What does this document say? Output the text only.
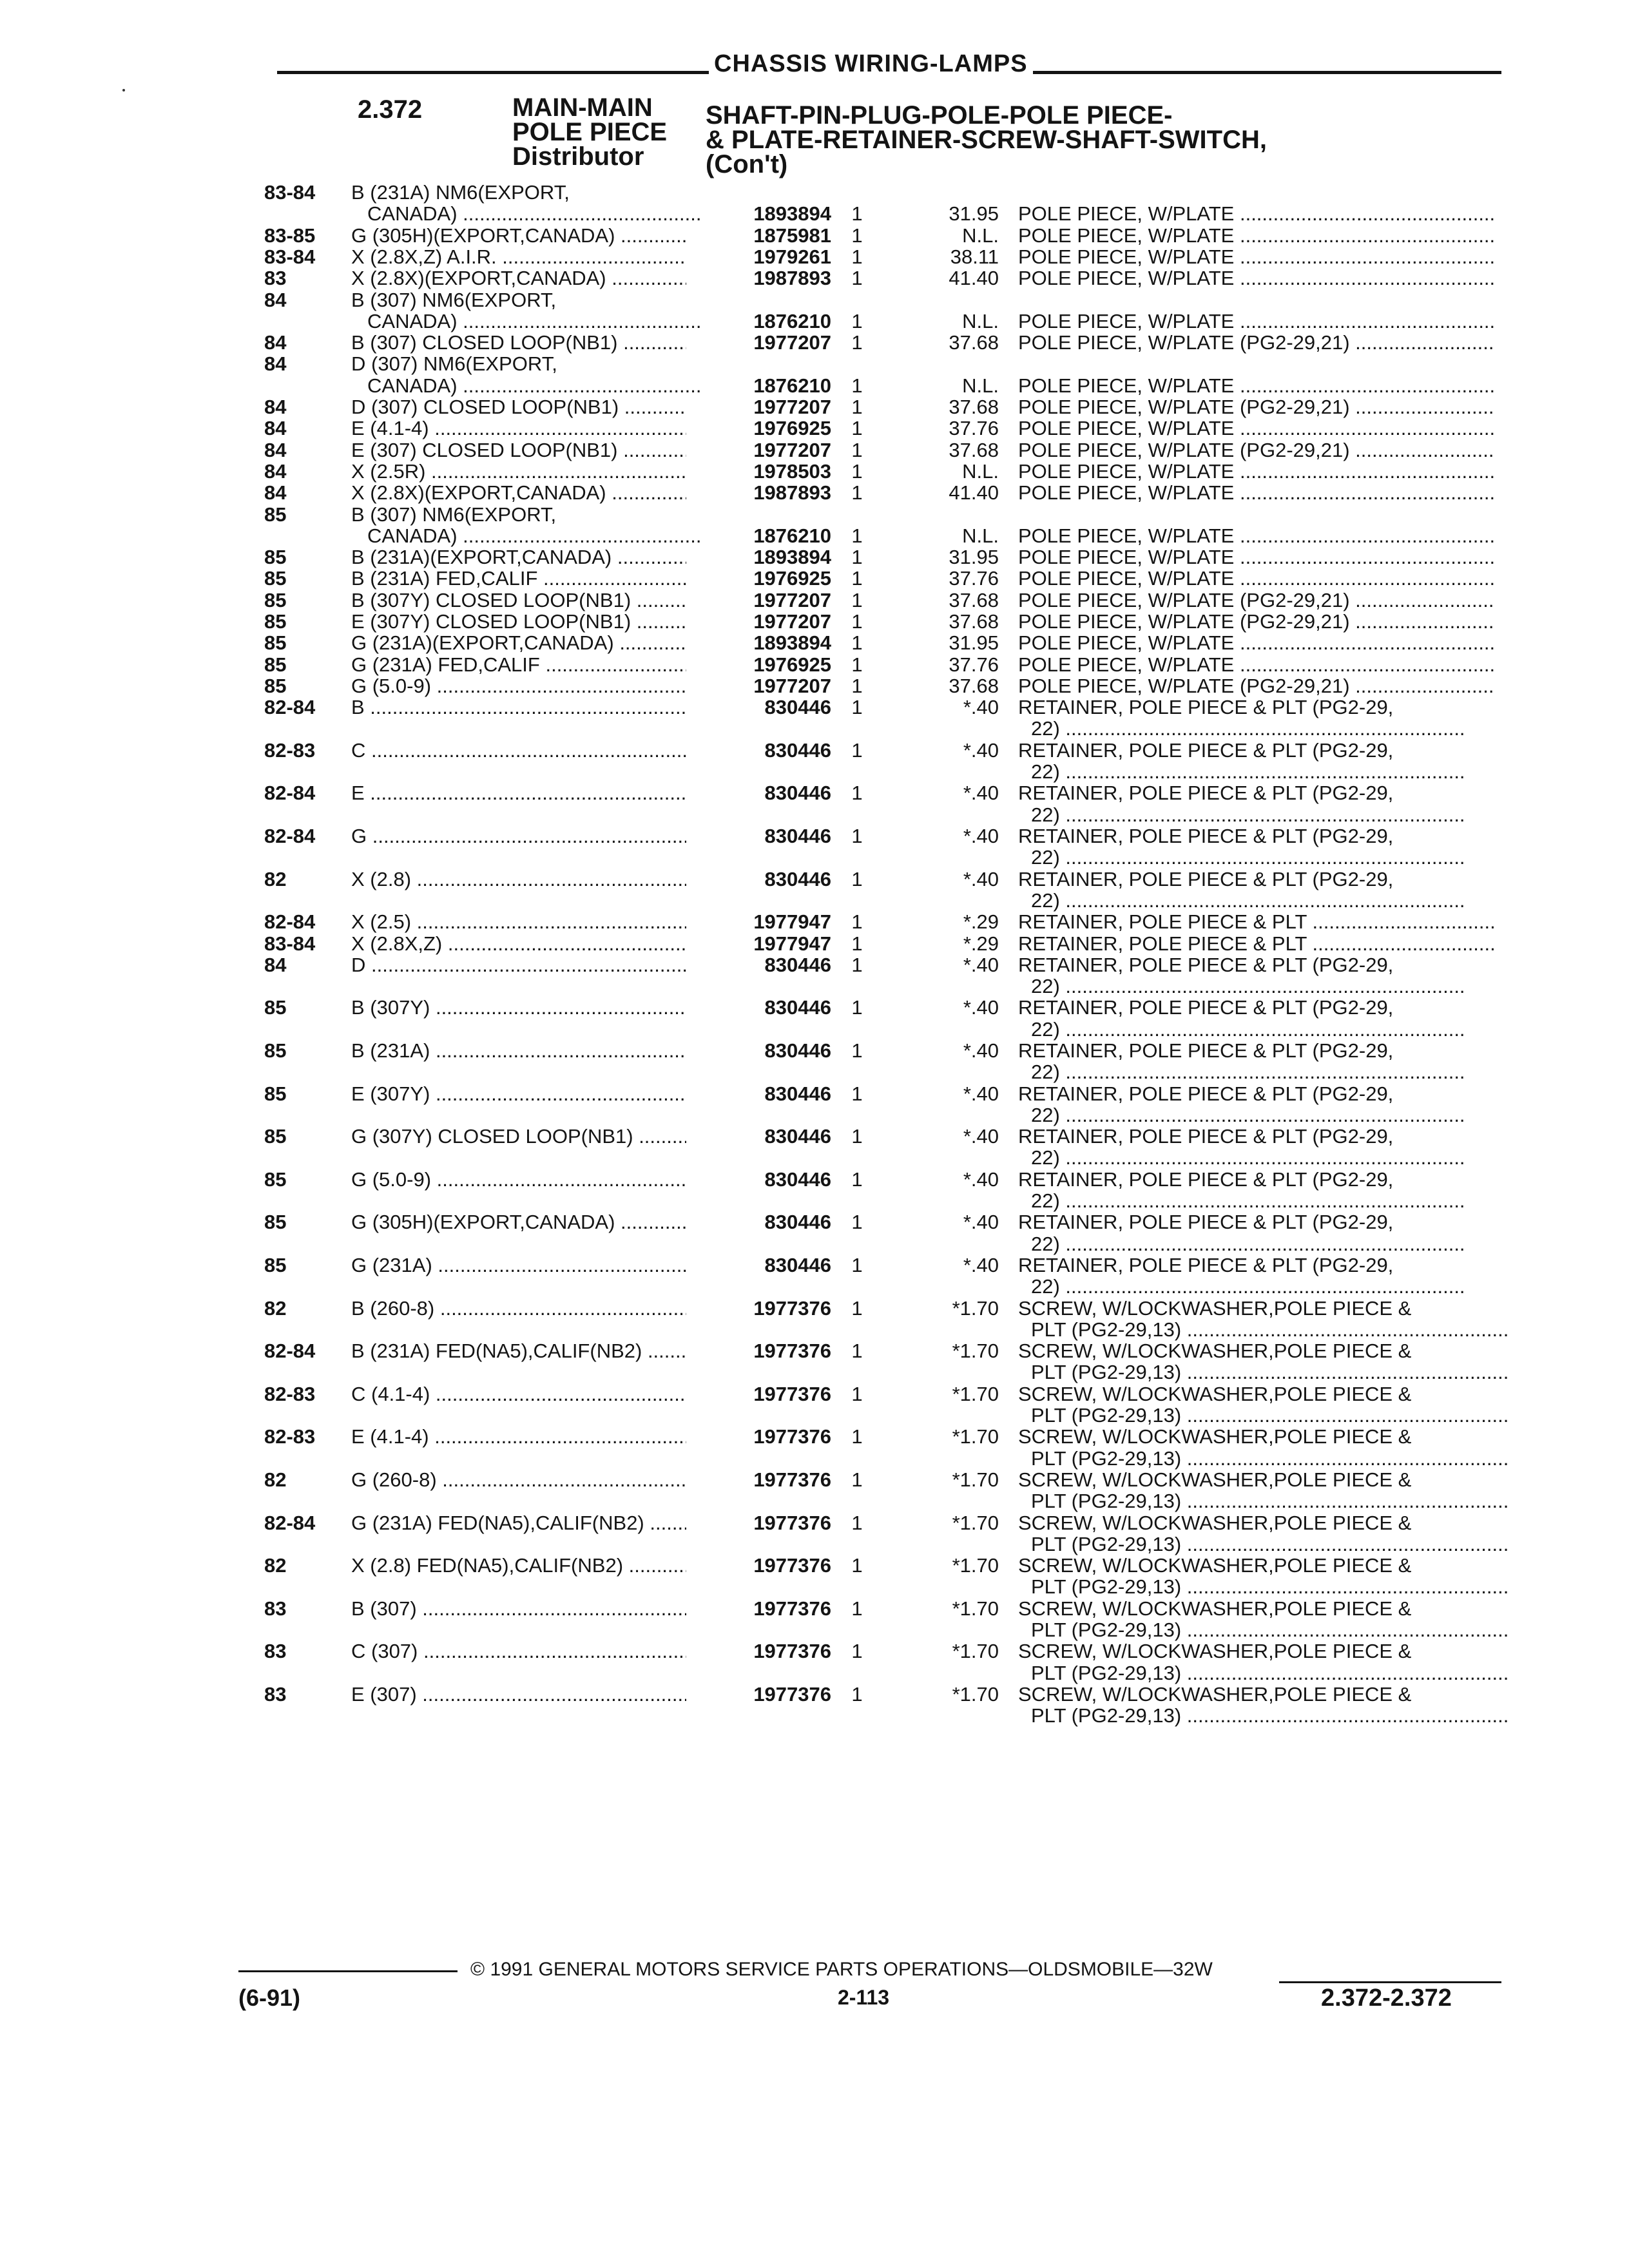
CHASSIS WIRING-LAMPS
2.372	MAIN-MAIN
POLE PIECE
Distributor
SHAFT-PIN-PLUG-POLE-POLE PIECE-
& PLATE-RETAINER-SCREW-SHAFT-SWITCH,
(Con't)
83-84	B (231A) NM6(EXPORT,
CANADA) .....	1893894	1	31.95 POLE PIECE, W/PLATE .....
83-85	G (305H)(EXPORT,CANADA) .....	1875981	1	N.L. POLE PIECE, W/PLATE .....
83-84	X (2.8X,Z) A.I.R. .....	1979261	1	38.11 POLE PIECE, W/PLATE .....
83	X (2.8X)(EXPORT,CANADA) .....	1987893	1	41.40 POLE PIECE, W/PLATE .....
84	B (307) NM6(EXPORT,
CANADA) .....	1876210	1	N.L. POLE PIECE, W/PLATE .....
84	B (307) CLOSED LOOP(NB1) .....	1977207	1	37.68 POLE PIECE, W/PLATE (PG2-29,21) .....
84	D (307) NM6(EXPORT,
CANADA) .....	1876210	1	N.L. POLE PIECE, W/PLATE .....
84	D (307) CLOSED LOOP(NB1) .....	1977207	1	37.68 POLE PIECE, W/PLATE (PG2-29,21) .....
84	E (4.1-4) .....	1976925	1	37.76 POLE PIECE, W/PLATE .....
84	E (307) CLOSED LOOP(NB1) .....	1977207	1	37.68 POLE PIECE, W/PLATE (PG2-29,21) .....
84	X (2.5R) .....	1978503	1	N.L. POLE PIECE, W/PLATE .....
84	X (2.8X)(EXPORT,CANADA) .....	1987893	1	41.40 POLE PIECE, W/PLATE .....
85	B (307) NM6(EXPORT,
CANADA) .....	1876210	1	N.L. POLE PIECE, W/PLATE .....
85	B (231A)(EXPORT,CANADA) .....	1893894	1	31.95 POLE PIECE, W/PLATE .....
85	B (231A) FED,CALIF .....	1976925	1	37.76 POLE PIECE, W/PLATE .....
85	B (307Y) CLOSED LOOP(NB1) .....	1977207	1	37.68 POLE PIECE, W/PLATE (PG2-29,21) .....
85	E (307Y) CLOSED LOOP(NB1) .....	1977207	1	37.68 POLE PIECE, W/PLATE (PG2-29,21) .....
85	G (231A)(EXPORT,CANADA) .....	1893894	1	31.95 POLE PIECE, W/PLATE .....
85	G (231A) FED,CALIF .....	1976925	1	37.76 POLE PIECE, W/PLATE .....
85	G (5.0-9) .....	1977207	1	37.68 POLE PIECE, W/PLATE (PG2-29,21) .....
82-84	B .....	830446	1	*.40 RETAINER, POLE PIECE & PLT (PG2-29,
22) .....
82-83	C .....	830446	1	*.40 RETAINER, POLE PIECE & PLT (PG2-29,
22) .....
82-84	E .....	830446	1	*.40 RETAINER, POLE PIECE & PLT (PG2-29,
22) .....
82-84	G .....	830446	1	*.40 RETAINER, POLE PIECE & PLT (PG2-29,
22) .....
82	X (2.8) .....	830446	1	*.40 RETAINER, POLE PIECE & PLT (PG2-29,
22) .....
82-84	X (2.5) .....	1977947	1	*.29 RETAINER, POLE PIECE & PLT .....
83-84	X (2.8X,Z) .....	1977947	1	*.29 RETAINER, POLE PIECE & PLT .....
84	D .....	830446	1	*.40 RETAINER, POLE PIECE & PLT (PG2-29,
22) .....
85	B (307Y) .....	830446	1	*.40 RETAINER, POLE PIECE & PLT (PG2-29,
22) .....
85	B (231A) .....	830446	1	*.40 RETAINER, POLE PIECE & PLT (PG2-29,
22) .....
85	E (307Y) .....	830446	1	*.40 RETAINER, POLE PIECE & PLT (PG2-29,
22) .....
85	G (307Y) CLOSED LOOP(NB1) .....	830446	1	*.40 RETAINER, POLE PIECE & PLT (PG2-29,
22) .....
85	G (5.0-9) .....	830446	1	*.40 RETAINER, POLE PIECE & PLT (PG2-29,
22) .....
85	G (305H)(EXPORT,CANADA) .....	830446	1	*.40 RETAINER, POLE PIECE & PLT (PG2-29,
22) .....
85	G (231A) .....	830446	1	*.40 RETAINER, POLE PIECE & PLT (PG2-29,
22) .....
82	B (260-8) .....	1977376	1	*1.70 SCREW, W/LOCKWASHER,POLE PIECE &
PLT (PG2-29,13) .....
82-84	B (231A) FED(NA5),CALIF(NB2) .....	1977376	1	*1.70 SCREW, W/LOCKWASHER,POLE PIECE &
PLT (PG2-29,13) .....
82-83	C (4.1-4) .....	1977376	1	*1.70 SCREW, W/LOCKWASHER,POLE PIECE &
PLT (PG2-29,13) .....
82-83	E (4.1-4) .....	1977376	1	*1.70 SCREW, W/LOCKWASHER,POLE PIECE &
PLT (PG2-29,13) .....
82	G (260-8) .....	1977376	1	*1.70 SCREW, W/LOCKWASHER,POLE PIECE &
PLT (PG2-29,13) .....
82-84	G (231A) FED(NA5),CALIF(NB2) .....	1977376	1	*1.70 SCREW, W/LOCKWASHER,POLE PIECE &
PLT (PG2-29,13) .....
82	X (2.8) FED(NA5),CALIF(NB2) .....	1977376	1	*1.70 SCREW, W/LOCKWASHER,POLE PIECE &
PLT (PG2-29,13) .....
83	B (307) .....	1977376	1	*1.70 SCREW, W/LOCKWASHER,POLE PIECE &
PLT (PG2-29,13) .....
83	C (307) .....	1977376	1	*1.70 SCREW, W/LOCKWASHER,POLE PIECE &
PLT (PG2-29,13) .....
83	E (307) .....	1977376	1	*1.70 SCREW, W/LOCKWASHER,POLE PIECE &
PLT (PG2-29,13) .....
© 1991 GENERAL MOTORS SERVICE PARTS OPERATIONS—OLDSMOBILE—32W
(6-91)	2-113	2.372-2.372
